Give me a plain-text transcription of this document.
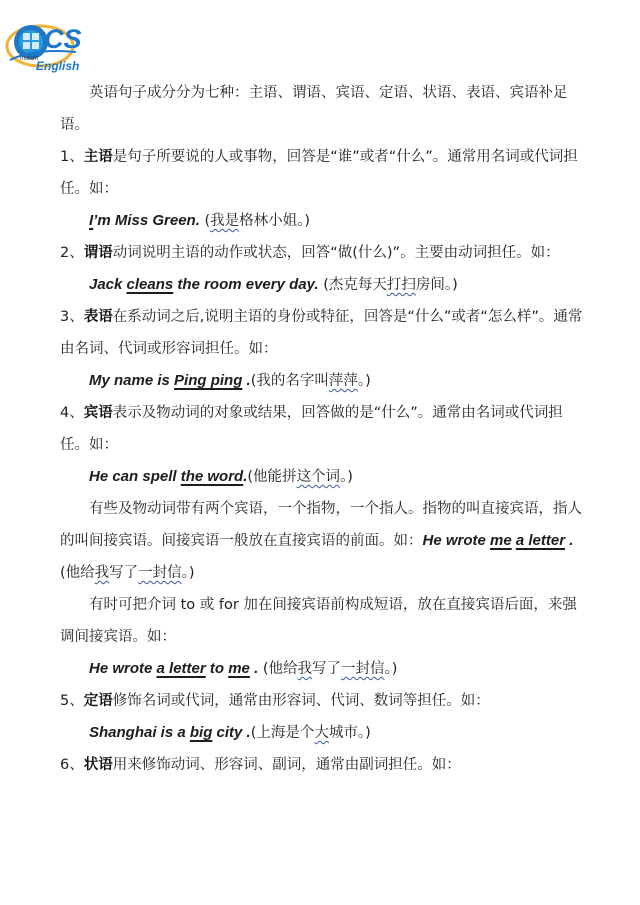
CS
Instant
English

英语句子成分分为七种：主语、谓语、宾语、定语、状语、表语、宾语补足语。

1、主语是句子所要说的人或事物，回答是“谁”或者“什么”。通常用名词或代词担任。如：

I’m Miss Green. (我是格林小姐。)

2、谓语动词说明主语的动作或状态，回答“做(什么)”。主要由动词担任。如：

Jack cleans the room every day. (杰克每天打扫房间。)

3、表语在系动词之后,说明主语的身份或特征，回答是“什么”或者“怎么样”。通常由名词、代词或形容词担任。如：

My name is Ping ping .(我的名字叫萍萍。)

4、宾语表示及物动词的对象或结果，回答做的是“什么”。通常由名词或代词担任。如：

He can spell the word.(他能拼这个词。)

有些及物动词带有两个宾语，一个指物，一个指人。指物的叫直接宾语，指人的叫间接宾语。间接宾语一般放在直接宾语的前面。如：He wrote me a letter . (他给我写了一封信。)

有时可把介词 to 或 for 加在间接宾语前构成短语，放在直接宾语后面，来强调间接宾语。如：

He wrote a letter to me . (他给我写了一封信。)

5、定语修饰名词或代词，通常由形容词、代词、数词等担任。如：

Shanghai is a big city .(上海是个大城市。)

6、状语用来修饰动词、形容词、副词，通常由副词担任。如：
